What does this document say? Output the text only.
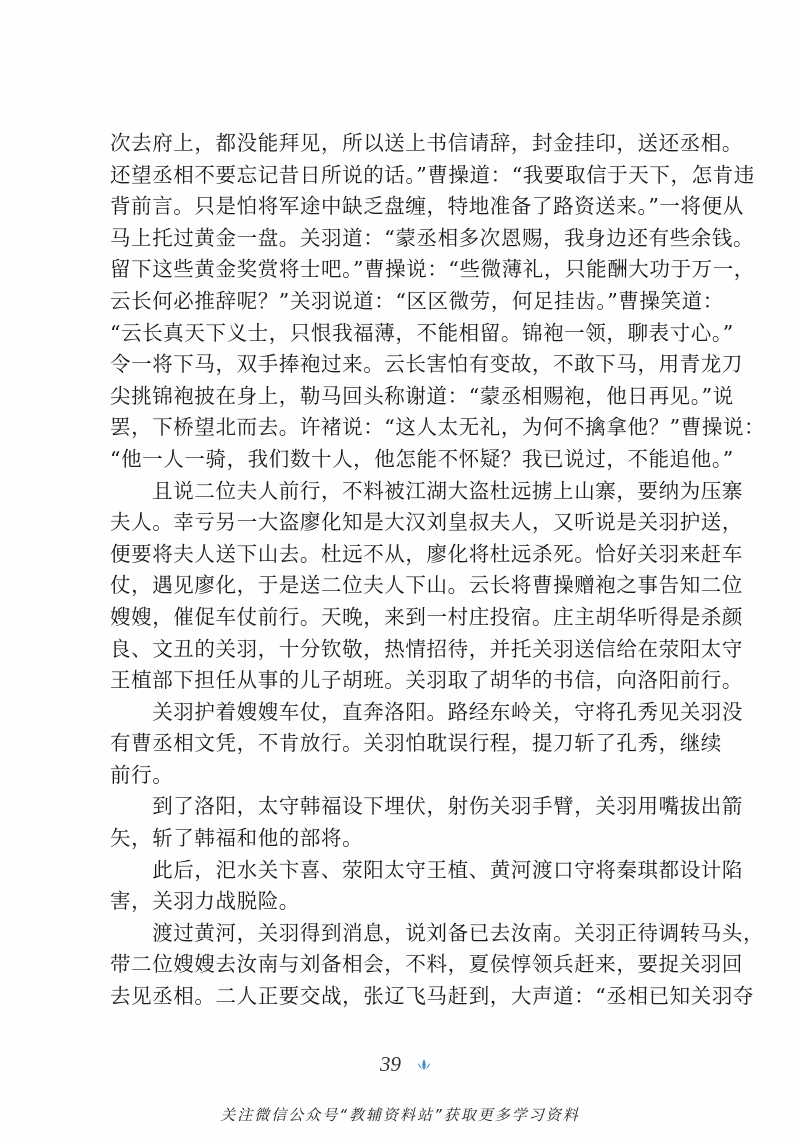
次去府上，都没能拜见，所以送上书信请辞，封金挂印，送还丞相。
还望丞相不要忘记昔日所说的话。”曹操道：“我要取信于天下，怎肯违
背前言。只是怕将军途中缺乏盘缠，特地准备了路资送来。”一将便从
马上托过黄金一盘。关羽道：“蒙丞相多次恩赐，我身边还有些余钱。
留下这些黄金奖赏将士吧。”曹操说：“些微薄礼，只能酬大功于万一，
云长何必推辞呢？”关羽说道：“区区微劳，何足挂齿。”曹操笑道：
“云长真天下义士，只恨我福薄，不能相留。锦袍一领，聊表寸心。”
令一将下马，双手捧袍过来。云长害怕有变故，不敢下马，用青龙刀
尖挑锦袍披在身上，勒马回头称谢道：“蒙丞相赐袍，他日再见。”说
罢，下桥望北而去。许褚说：“这人太无礼，为何不擒拿他？”曹操说：
“他一人一骑，我们数十人，他怎能不怀疑？我已说过，不能追他。”
　　且说二位夫人前行，不料被江湖大盗杜远掳上山寨，要纳为压寨
夫人。幸亏另一大盗廖化知是大汉刘皇叔夫人，又听说是关羽护送，
便要将夫人送下山去。杜远不从，廖化将杜远杀死。恰好关羽来赶车
仗，遇见廖化，于是送二位夫人下山。云长将曹操赠袍之事告知二位
嫂嫂，催促车仗前行。天晚，来到一村庄投宿。庄主胡华听得是杀颜
良、文丑的关羽，十分钦敬，热情招待，并托关羽送信给在荥阳太守
王植部下担任从事的儿子胡班。关羽取了胡华的书信，向洛阳前行。
　　关羽护着嫂嫂车仗，直奔洛阳。路经东岭关，守将孔秀见关羽没
有曹丞相文凭，不肯放行。关羽怕耽误行程，提刀斩了孔秀，继续
前行。
　　到了洛阳，太守韩福设下埋伏，射伤关羽手臂，关羽用嘴拔出箭
矢，斩了韩福和他的部将。
　　此后，汜水关卞喜、荥阳太守王植、黄河渡口守将秦琪都设计陷
害，关羽力战脱险。
　　渡过黄河，关羽得到消息，说刘备已去汝南。关羽正待调转马头，
带二位嫂嫂去汝南与刘备相会，不料，夏侯惇领兵赶来，要捉关羽回
去见丞相。二人正要交战，张辽飞马赶到，大声道：“丞相已知关羽夺
39
关注微信公众号“教辅资料站”获取更多学习资料
